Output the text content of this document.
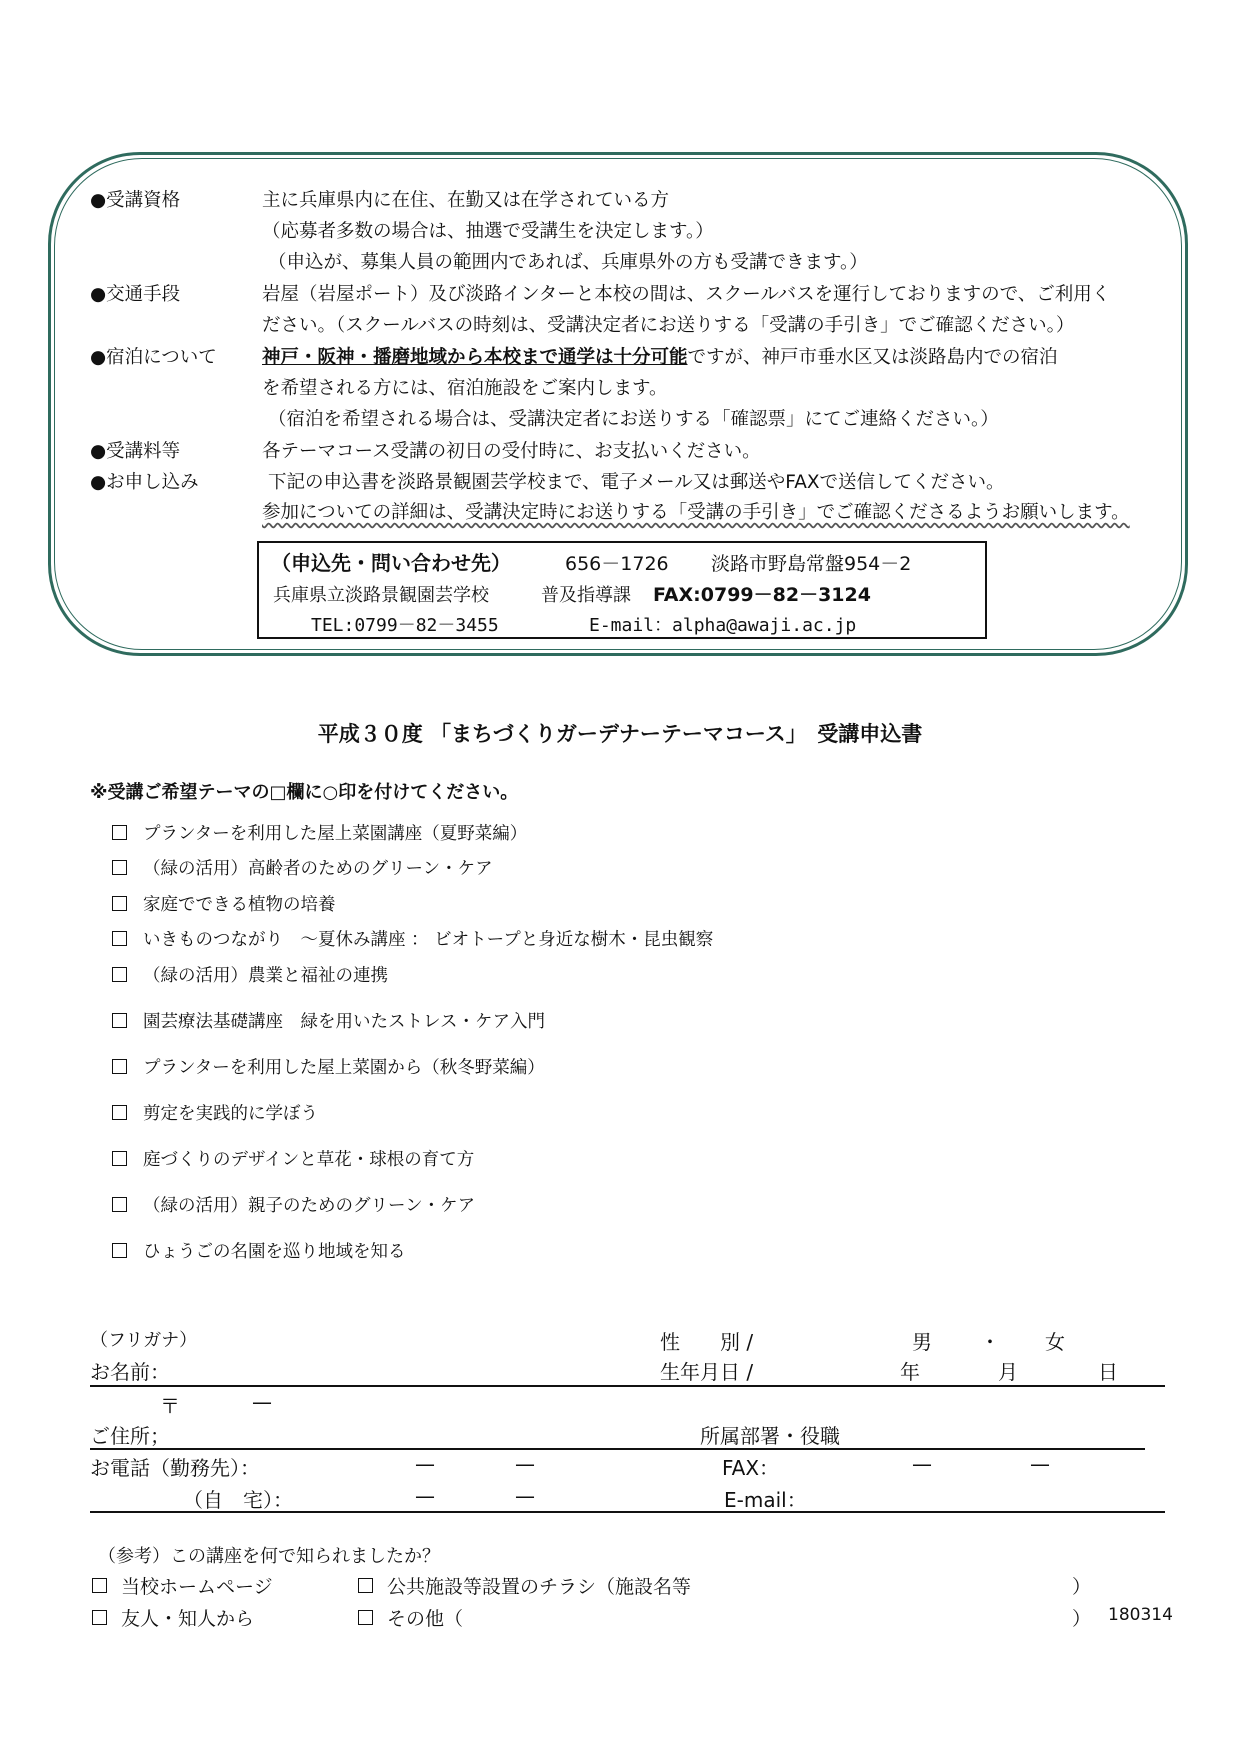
●受講資格	主に兵庫県内に在住、在勤又は在学されている方
（応募者多数の場合は、抽選で受講生を決定します。）
（申込が、募集人員の範囲内であれば、兵庫県外の方も受講できます。）
●交通手段	岩屋（岩屋ポート）及び淡路インターと本校の間は、スクールバスを運行しておりますので、ご利用く
ださい。（スクールバスの時刻は、受講決定者にお送りする「受講の手引き」でご確認ください。）
●宿泊について 神戸・阪神・播磨地域から本校まで通学は十分可能ですが、神戸市垂水区又は淡路島内での宿泊
を希望される方には、宿泊施設をご案内します。
（宿泊を希望される場合は、受講決定者にお送りする「確認票」にてご連絡ください。）
●受講料等	各テーマコース受講の初日の受付時に、お支払いください。
●お申し込み	下記の申込書を淡路景観園芸学校まで、電子メール又は郵送やFAXで送信してください。
参加についての詳細は、受講決定時にお送りする「受講の手引き」でご確認くださるようお願いします。
（申込先・問い合わせ先）	656－1726 淡路市野島常盤954－2
兵庫県立淡路景観園芸学校	普及指導課 FAX:0799－82－3124
TEL:0799－82－3455	E-mail：alpha@awaji.ac.jp
平成３０度 「まちづくりガーデナーテーマコース」　受講申込書
※受講ご希望テーマの□欄に○印を付けてください。
プランターを利用した屋上菜園講座（夏野菜編）
（緑の活用）高齢者のためのグリーン・ケア
家庭でできる植物の培養
いきものつながり　～夏休み講座 ： ビオトープと身近な樹木・昆虫観察
（緑の活用）農業と福祉の連携
園芸療法基礎講座　緑を用いたストレス・ケア入門
プランターを利用した屋上菜園から（秋冬野菜編）
剪定を実践的に学ぼう
庭づくりのデザインと草花・球根の育て方
（緑の活用）親子のためのグリーン・ケア
ひょうごの名園を巡り地域を知る
（フリガナ）	性　　別 /	男 ・ 女
お名前：	生年月日 /	年	月	日
〒	—
ご住所；	所属部署・役職
お電話（勤務先）：	—	—	FAX：	—	—
（自　宅）：	—	—	E-mail：
（参考）この講座を何で知られましたか？
当校ホームページ	公共施設等設置のチラシ（施設名等	）
友人・知人から	その他（	） 180314
